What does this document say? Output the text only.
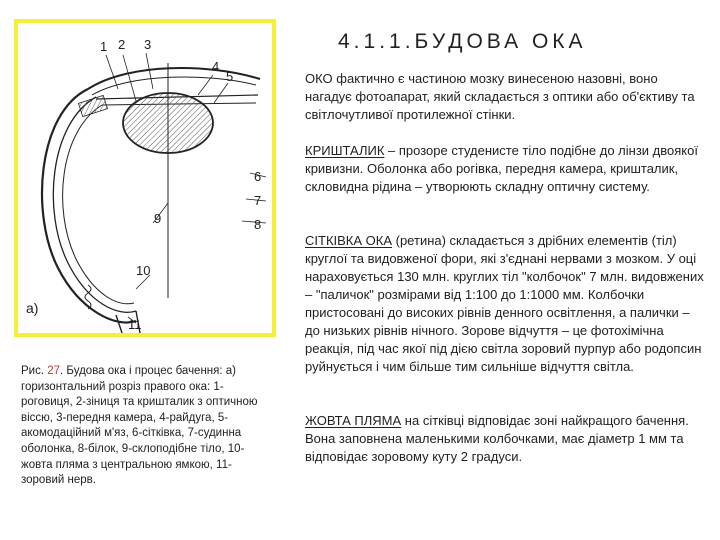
4.1.1.БУДОВА ОКА
1 2 3
4
5
6
7
8
9
10
11
а)
Рис. 27. Будова ока і процес бачення: а) горизонтальний розріз правого ока: 1-роговиця, 2-зіниця та кришталик з оптичною віссю, 3-передня камера, 4-райдуга, 5-акомодаційний м'яз, 6-сітківка, 7-судинна оболонка, 8-білок, 9-склоподібне тіло, 10-жовта пляма з центральною ямкою, 11-зоровий нерв.
ОКО фактично є частиною мозку винесеною назовні, воно нагадує фотоапарат, який складається з оптики або об'єктиву та світлочутливої протилежної стінки.
КРИШТАЛИК – прозоре студенисте тіло подібне до лінзи двоякої кривизни. Оболонка або рогівка, передня камера, кришталик, скловидна рідина – утворюють складну оптичну систему.
СІТКІВКА ОКА (ретина) складається з дрібних елементів (тіл) круглої та видовженої фори, які з'єднані нервами з мозком. У оці нараховується 130 млн. круглих тіл "колбочок" 7 млн. видовжених – "паличок" розмірами від 1:100 до 1:1000 мм. Колбочки пристосовані до високих рівнів денного освітлення, а палички – до низьких рівнів нічного. Зорове відчуття – це фотохімічна реакція, під час якої під дією світла зоровий пурпур або родопсин руйнується і чим більше тим сильніше відчуття світла.
ЖОВТА ПЛЯМА на сітківці відповідає зоні найкращого бачення. Вона заповнена маленькими колбочками, має діаметр 1 мм та відповідає зоровому куту 2 градуси.
